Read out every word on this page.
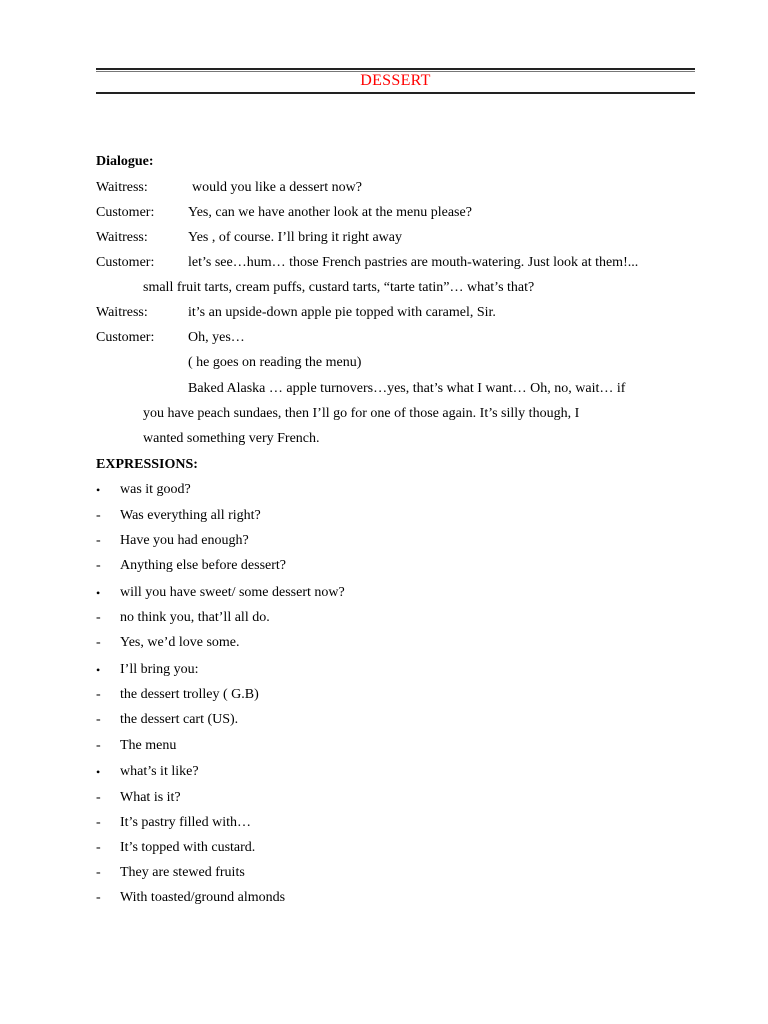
DESSERT
Dialogue:
Waitress:	would you like a dessert now?
Customer: Yes, can we have another look at the menu please?
Waitress:	Yes , of course. I’ll bring it right away
Customer: let’s see…hum… those French pastries are mouth-watering. Just look at them!...
small fruit tarts, cream puffs, custard tarts, “tarte tatin”… what’s that?
Waitress:	it’s an upside-down apple pie topped with caramel, Sir.
Customer: Oh, yes…
( he goes on reading the menu)
Baked Alaska … apple turnovers…yes, that’s what I want… Oh, no, wait… if
you have peach sundaes, then I’ll go for one of those again. It’s silly though, I
wanted something very French.
EXPRESSIONS:
•	was it good?
-	Was everything all right?
-	Have you had enough?
-	Anything else before dessert?
•	will you have sweet/ some dessert now?
-	no think you, that’ll all do.
-	Yes, we’d love some.
•	I’ll bring you:
-	the dessert trolley ( G.B)
-	the dessert cart (US).
-	The menu
•	what’s it like?
-	What is it?
-	It’s pastry filled with…
-	It’s topped with custard.
-	They are stewed fruits
-	With toasted/ground almonds
